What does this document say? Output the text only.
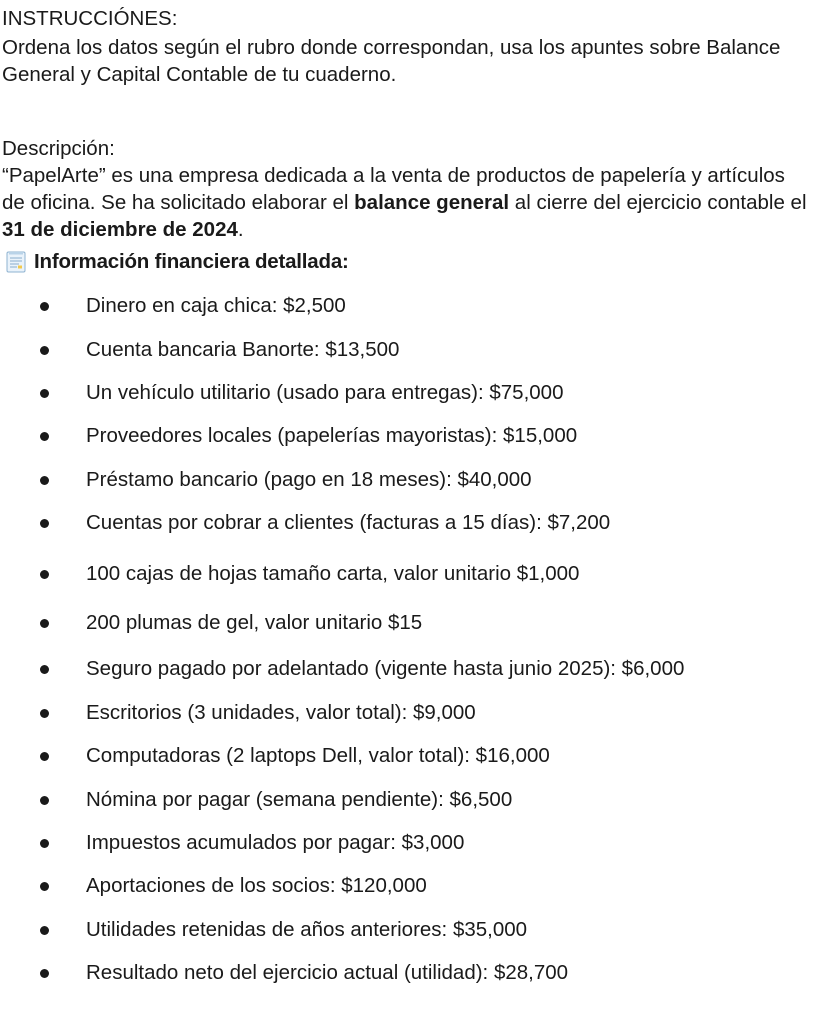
INSTRUCCIÓNES:

Ordena los datos según el rubro donde correspondan, usa los apuntes sobre Balance General y Capital Contable de tu cuaderno.

Descripción:

“PapelArte” es una empresa dedicada a la venta de productos de papelería y artículos de oficina. Se ha solicitado elaborar el balance general al cierre del ejercicio contable el 31 de diciembre de 2024.

Información financiera detallada:
Dinero en caja chica: $2,500
Cuenta bancaria Banorte: $13,500
Un vehículo utilitario (usado para entregas): $75,000
Proveedores locales (papelerías mayoristas): $15,000
Préstamo bancario (pago en 18 meses): $40,000
Cuentas por cobrar a clientes (facturas a 15 días): $7,200
100 cajas de hojas tamaño carta, valor unitario $1,000
200 plumas de gel, valor unitario $15
Seguro pagado por adelantado (vigente hasta junio 2025): $6,000
Escritorios (3 unidades, valor total): $9,000
Computadoras (2 laptops Dell, valor total): $16,000
Nómina por pagar (semana pendiente): $6,500
Impuestos acumulados por pagar: $3,000
Aportaciones de los socios: $120,000
Utilidades retenidas de años anteriores: $35,000
Resultado neto del ejercicio actual (utilidad): $28,700
